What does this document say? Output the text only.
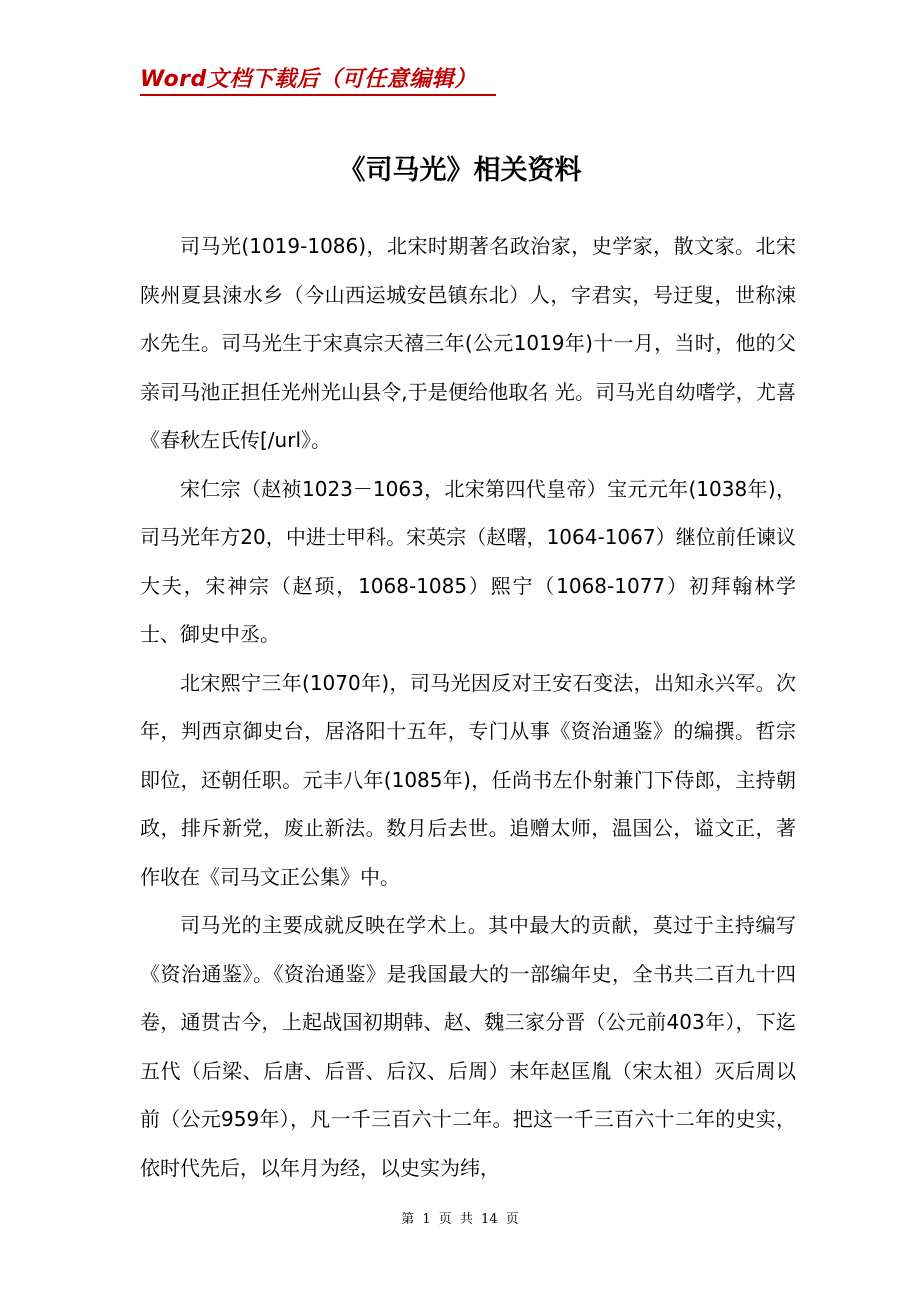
Word文档下载后（可任意编辑）
《司马光》相关资料

司马光(1019-1086)，北宋时期著名政治家，史学家，散文家。北宋陕州夏县涑水乡（今山西运城安邑镇东北）人，字君实，号迂叟，世称涑水先生。司马光生于宋真宗天禧三年(公元1019年)十一月，当时，他的父亲司马池正担任光州光山县令,于是便给他取名 光。司马光自幼嗜学，尤喜《春秋左氏传[/url》。

宋仁宗（赵祯1023－1063，北宋第四代皇帝）宝元元年(1038年)，司马光年方20，中进士甲科。宋英宗（赵曙，1064-1067）继位前任谏议大夫，宋神宗（赵顼，1068-1085）熙宁（1068-1077）初拜翰林学士、御史中丞。

北宋熙宁三年(1070年)，司马光因反对王安石变法，出知永兴军。次年，判西京御史台，居洛阳十五年，专门从事《资治通鉴》的编撰。哲宗即位，还朝任职。元丰八年(1085年)，任尚书左仆射兼门下侍郎，主持朝政，排斥新党，废止新法。数月后去世。追赠太师，温国公，谥文正，著作收在《司马文正公集》中。

司马光的主要成就反映在学术上。其中最大的贡献，莫过于主持编写《资治通鉴》。《资治通鉴》是我国最大的一部编年史，全书共二百九十四卷，通贯古今，上起战国初期韩、赵、魏三家分晋（公元前403年），下迄五代（后梁、后唐、后晋、后汉、后周）末年赵匡胤（宋太祖）灭后周以前（公元959年），凡一千三百六十二年。把这一千三百六十二年的史实，依时代先后，以年月为经，以史实为纬，

第 1 页 共 14 页
